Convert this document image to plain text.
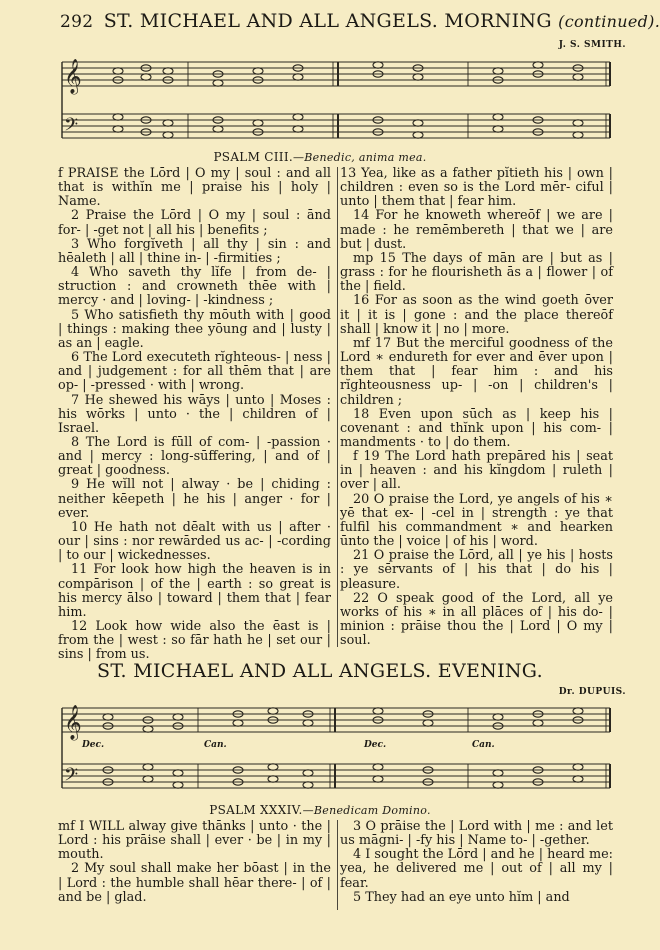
292 ST. MICHAEL AND ALL ANGELS. MORNING (continued).
J. S. SMITH.
𝄞
𝄢
PSALM CIII.—Benedic, anima mea.

f PRAISE the Lōrd | O my | soul : and all that is withĭn me | praise his | holy | Name.

2 Praise the Lōrd | O my | soul : ānd for- | -get not | all his | benefits ;

3 Who forgĭveth | all thy | sin : and hēaleth | all | thine in- | -firmities ;

4 Who saveth thy lĭfe | from de- | struction : and crowneth thēe with | mercy · and | loving- | -kindness ;

5 Who satisfieth thy mōuth with | good | things : making thee yōung and | lusty | as an | eagle.

6 The Lord executeth rĭghteous- | ness | and | judgement : for all thēm that | are op- | -pressed · with | wrong.

7 He shewed his wāys | unto | Moses : his wōrks | unto · the | children of | Israel.

8 The Lord is fūll of com- | -passion · and | mercy : long-sūffering, | and of | great | goodness.

9 He wĭll not | alway · be | chiding : neither kēepeth | he his | anger · for | ever.

10 He hath not dēalt with us | after · our | sins : nor rewārded us ac- | -cording | to our | wickednesses.

11 For look how high the heaven is in compārison | of the | earth : so great is his mercy ālso | toward | them that | fear him.

12 Look how wide also the ēast is | from the | west : so fār hath he | set our | sins | from us.

13 Yea, like as a father pĭtieth his | own | children : even so is the Lord mēr- ciful | unto | them that | fear him.

14 For he knoweth whereōf | we are | made : he remēmbereth | that we | are but | dust.

mp 15 The days of mān are | but as | grass : for he flourisheth ās a | flower | of the | field.

16 For as soon as the wind goeth ōver it | it is | gone : and the place thereōf shall | know it | no | more.

mf 17 But the merciful goodness of the Lord ∗ endureth for ever and ēver upon | them that | fear him : and his rĭghteousness up- | -on | children's | children ;

18 Even upon sūch as | keep his | covenant : and thĭnk upon | his com- | mandments · to | do them.

f 19 The Lord hath prepāred his | seat in | heaven : and his kĭngdom | ruleth | over | all.

20 O praise the Lord, ye angels of his ∗ yē that ex- | -cel in | strength : ye that fulfil his commandment ∗ and hearken ūnto the | voice | of his | word.

21 O praise the Lōrd, all | ye his | hosts : ye sērvants of | his that | do his | pleasure.

22 O speak good of the Lord, all ye works of his ∗ in all plāces of | his do- | minion : prāise thou the | Lord | O my | soul.

ST. MICHAEL AND ALL ANGELS. EVENING.
Dr. DUPUIS.
𝄞
𝄢
Dec.	Can.	Dec.	Can.
PSALM XXXIV.—Benedicam Domino.

mf I WILL alway give thānks | unto · the | Lord : his prāise shall | ever · be | in my | mouth.

2 My soul shall make her bōast | in the | Lord : the humble shall hēar there- | of | and be | glad.

3 O prāise the | Lord with | me : and let us māgni- | -fy his | Name to- | -gether.

4 I sought the Lōrd | and he | heard me: yea, he delivered me | out of | all my | fear.

5 They had an eye unto hĭm | and
